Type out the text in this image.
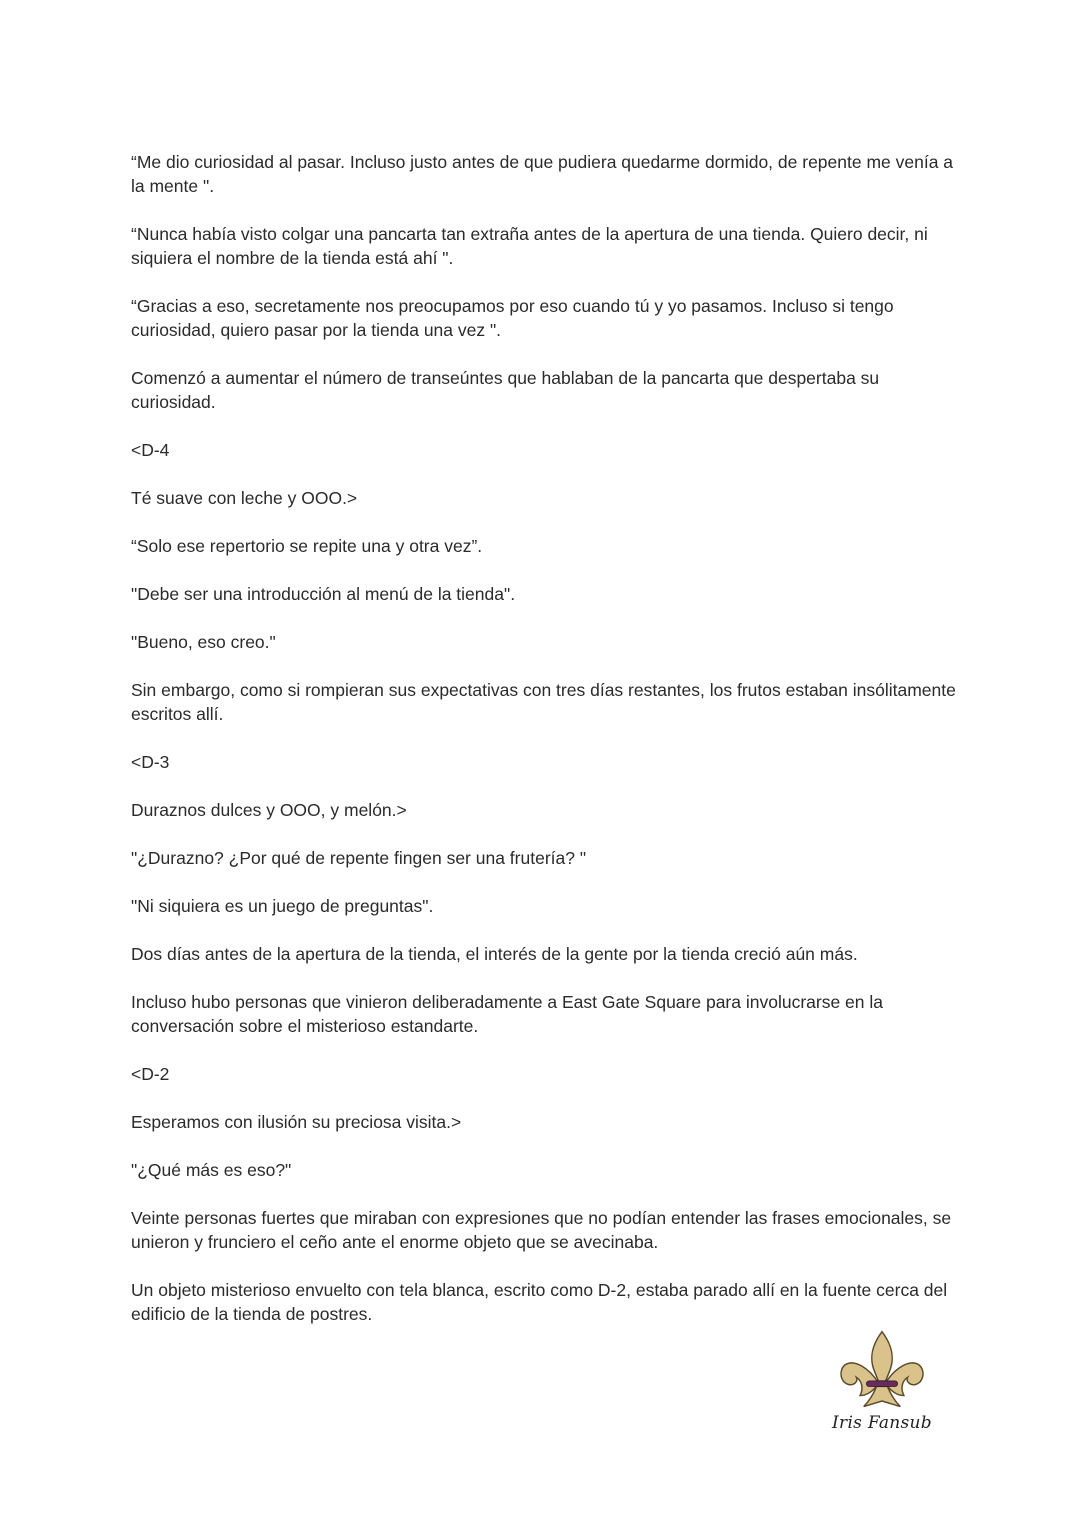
“Me dio curiosidad al pasar. Incluso justo antes de que pudiera quedarme dormido, de repente me venía a la mente ".

“Nunca había visto colgar una pancarta tan extraña antes de la apertura de una tienda. Quiero decir, ni siquiera el nombre de la tienda está ahí ".

“Gracias a eso, secretamente nos preocupamos por eso cuando tú y yo pasamos. Incluso si tengo curiosidad, quiero pasar por la tienda una vez ".

Comenzó a aumentar el número de transeúntes que hablaban de la pancarta que despertaba su curiosidad.

<D-4

Té suave con leche y OOO.>

“Solo ese repertorio se repite una y otra vez”.

"Debe ser una introducción al menú de la tienda".

"Bueno, eso creo."

Sin embargo, como si rompieran sus expectativas con tres días restantes, los frutos estaban insólitamente escritos allí.

<D-3

Duraznos dulces y OOO, y melón.>

"¿Durazno? ¿Por qué de repente fingen ser una frutería? "

"Ni siquiera es un juego de preguntas".

Dos días antes de la apertura de la tienda, el interés de la gente por la tienda creció aún más.

Incluso hubo personas que vinieron deliberadamente a East Gate Square para involucrarse en la conversación sobre el misterioso estandarte.

<D-2

Esperamos con ilusión su preciosa visita.>

"¿Qué más es eso?"

Veinte personas fuertes que miraban con expresiones que no podían entender las frases emocionales, se unieron y frunciero el ceño ante el enorme objeto que se avecinaba.

Un objeto misterioso envuelto con tela blanca, escrito como D-2, estaba parado allí en la fuente cerca del edificio de la tienda de postres.

Iris Fansub
